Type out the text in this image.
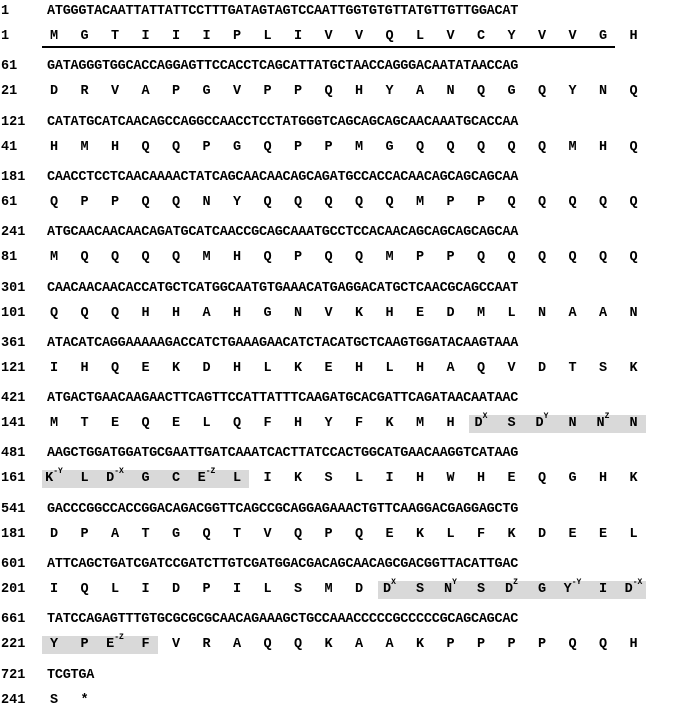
1	ATGGGTACAATTATTATTCCTTTGATAGTAGTCCAATTGGTGTGTTATGTTGTTGGACAT
1	M	G	T	I	I	I	P	L	I	V	V	Q	L	V	C	Y	V	V	G	H
61 GATAGGGTGGCACCAGGAGTTCCACCTCAGCATTATGCTAACCAGGGACAATATAACCAG
21	D	R	V	A	P	G	V	P	P	Q	H	Y	A	N	Q	G	Q	Y	N	Q
121 CATATGCATCAACAGCCAGGCCAACCTCCTATGGGTCAGCAGCAGCAACAAATGCACCAA
41	H	M	H	Q	Q	P	G	Q	P	P	M	G	Q	Q	Q	Q	Q	M	H	Q
181 CAACCTCCTCAACAAAACTATCAGCAACAACAGCAGATGCCACCACAACAGCAGCAGCAA
61	Q	P	P	Q	Q	N	Y	Q	Q	Q	Q	Q	M	P	P	Q	Q	Q	Q	Q
241 ATGCAACAACAACAGATGCATCAACCGCAGCAAATGCCTCCACAACAGCAGCAGCAGCAA
81	M	Q	Q	Q	Q	M	H	Q	P	Q	Q	M	P	P	Q	Q	Q	Q	Q	Q
301 CAACAACAACACCATGCTCATGGCAATGTGAAACATGAGGACATGCTCAACGCAGCCAAT
101	Q	Q	Q	H	H	A	H	G	N	V	K	H	E	D	M	L	N	A	A	N
361 ATACATCAGGAAAAAGACCATCTGAAAGAACATCTACATGCTCAAGTGGATACAAGTAAA
121	I	H	Q	E	K	D	H	L	K	E	H	L	H	A	Q	V	D	T	S	K
421 ATGACTGAACAAGAACTTCAGTTCCATTATTTCAAGATGCACGATTCAGATAACAATAAC
141	M	T	E	Q	E	L	Q	F	H	Y	F	K	M	H	$D^X$	S	$D^Y$	N	$N^Z$	N
481 AAGCTGGATGGATGCGAATTGATCAAATCACTTATCCACTGGCATGAACAAGGTCATAAG
161 $K^{-Y}$	L	$D^{-X}$	G	C	$E^{-Z}$	L	I	K	S	L	I	H	W	H	E	Q	G	H	K
541 GACCCGGCCACCGGACAGACGGTTCAGCCGCAGGAGAAACTGTTCAAGGACGAGGAGCTG
181	D	P	A	T	G	Q	T	V	Q	P	Q	E	K	L	F	K	D	E	E	L
601 ATTCAGCTGATCGATCCGATCTTGTCGATGGACGACAGCAACAGCGACGGTTACATTGAC
201	I	Q	L	I	D	P	I	L	S	M	D	$D^X$	S	$N^Y$	S	$D^Z$	G	$Y^{-Y}$	I	$D^{-X}$
661 TATCCAGAGTTTGTGCGCGCGCAACAGAAAGCTGCCAAACCCCCGCCCCCGCAGCAGCAC
221	Y	P	$E^{-Z}$	F	V	R	A	Q	Q	K	A	A	K	P	P	P	P	Q	Q	H
721 TCGTGA
241	S	*
